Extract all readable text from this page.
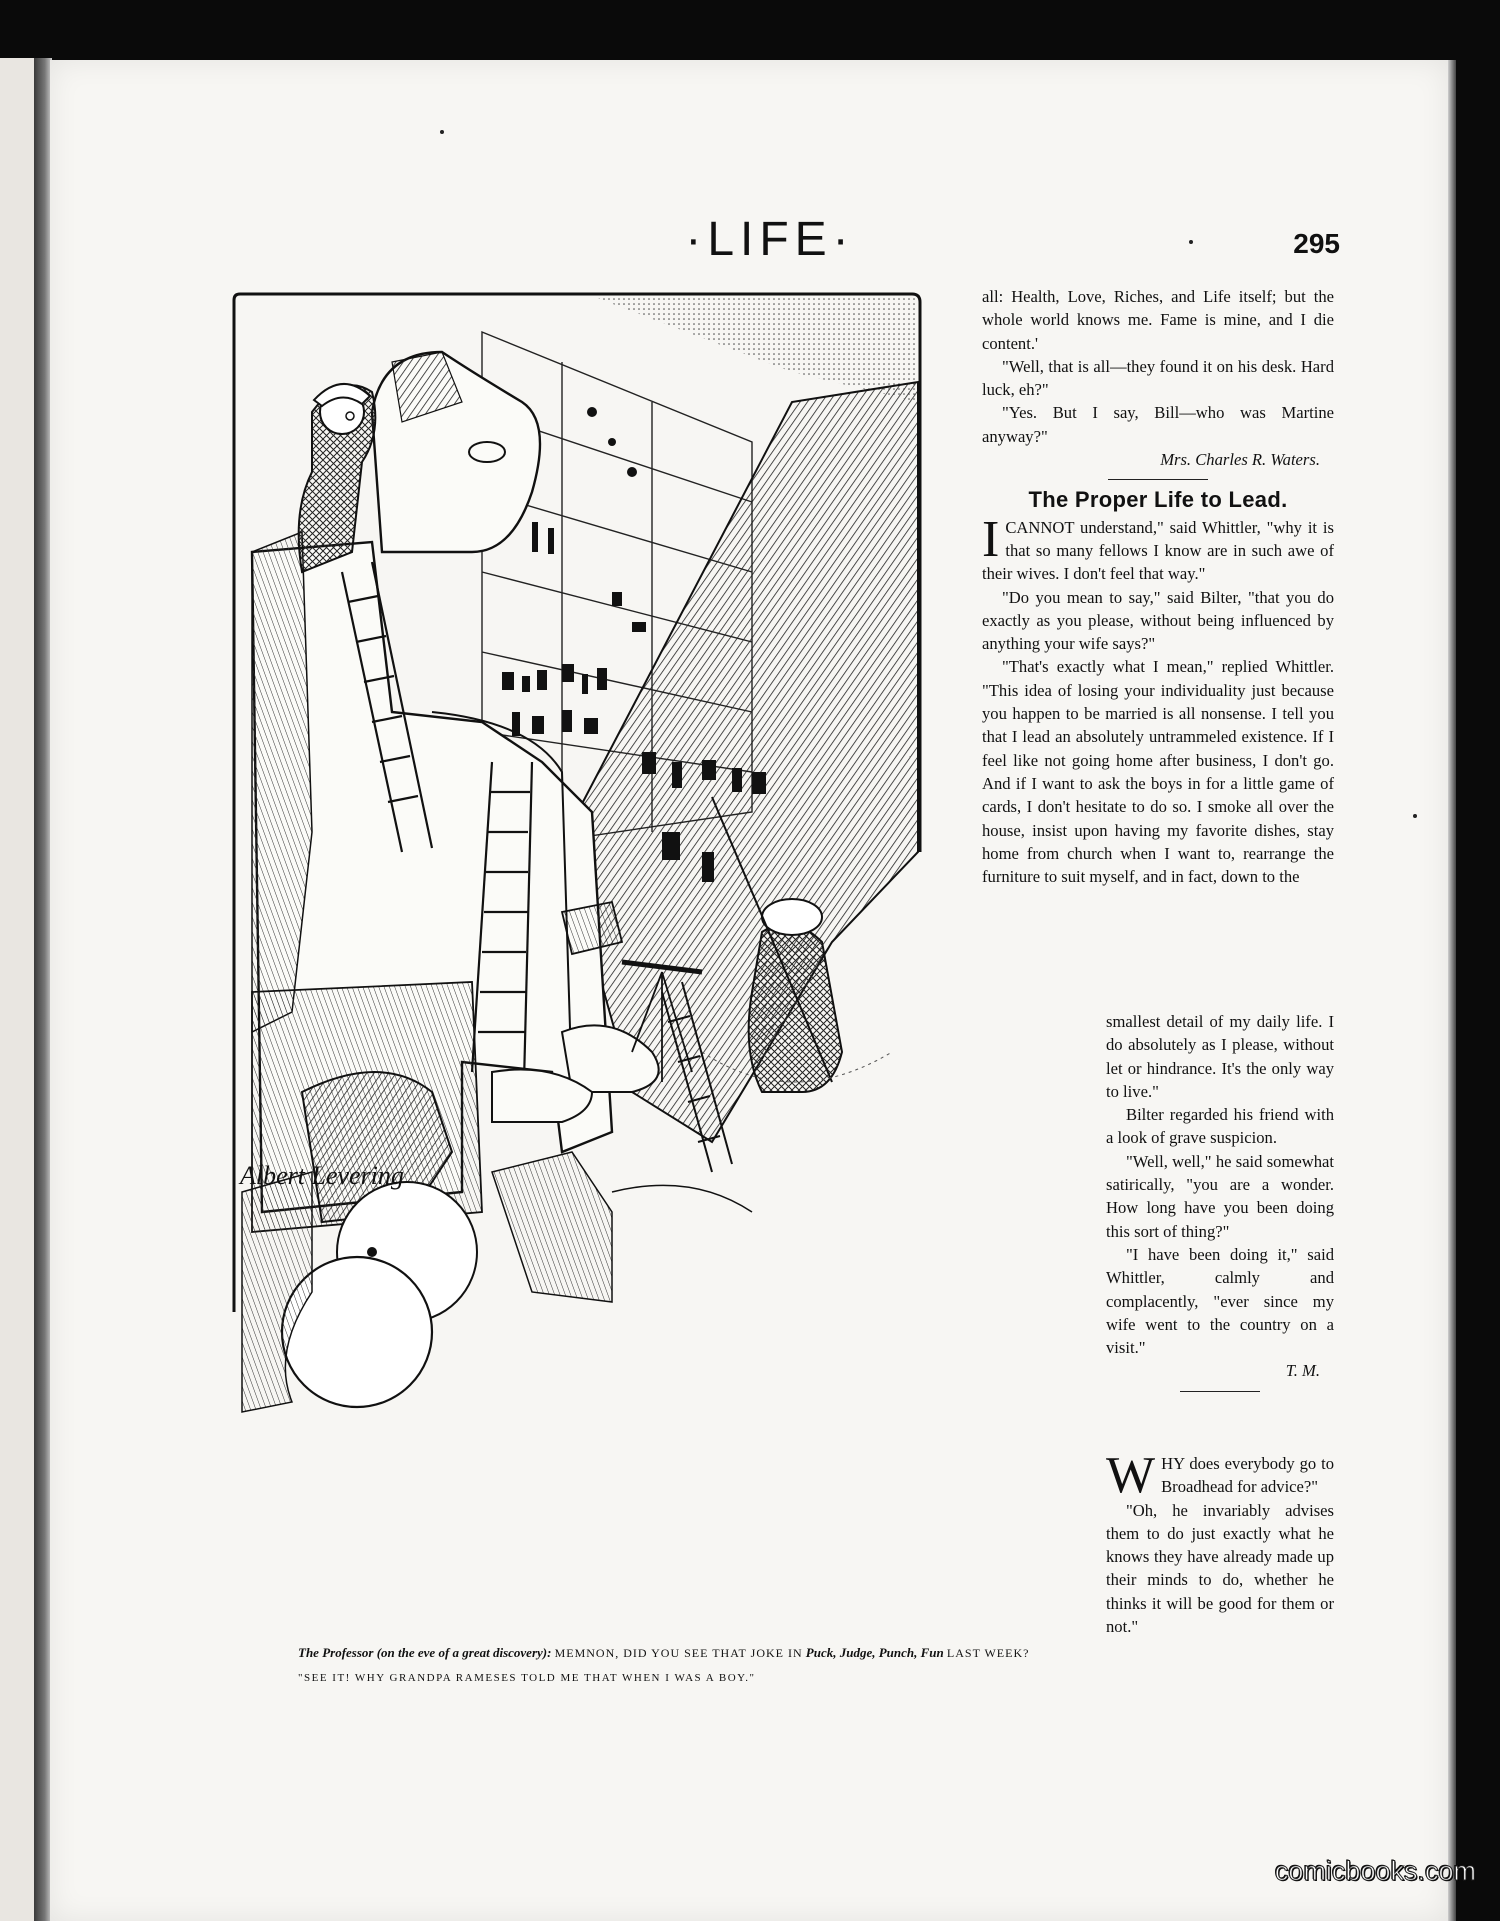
·LIFE·	295
Albert Levering
The Professor (on the eve of a great discovery): MEMNON, DID YOU SEE THAT JOKE IN Puck, Judge, Punch, Fun LAST WEEK?
"SEE IT! WHY GRANDPA RAMESES TOLD ME THAT WHEN I WAS A BOY."

all: Health, Love, Riches, and Life itself; but the whole world knows me. Fame is mine, and I die content.'

"Well, that is all—they found it on his desk. Hard luck, eh?"

"Yes. But I say, Bill—who was Martine anyway?"

Mrs. Charles R. Waters.

The Proper Life to Lead.

I CANNOT understand," said Whittler, "why it is that so many fellows I know are in such awe of their wives. I don't feel that way."

"Do you mean to say," said Bilter, "that you do exactly as you please, without being influenced by anything your wife says?"

"That's exactly what I mean," replied Whittler. "This idea of losing your individuality just because you happen to be married is all nonsense. I tell you that I lead an absolutely untrammeled existence. If I feel like not going home after business, I don't go. And if I want to ask the boys in for a little game of cards, I don't hesitate to do so. I smoke all over the house, insist upon having my favorite dishes, stay home from church when I want to, rearrange the furniture to suit myself, and in fact, down to the

smallest detail of my daily life. I do absolutely as I please, without let or hindrance. It's the only way to live."

Bilter regarded his friend with a look of grave suspicion.

"Well, well," he said somewhat satirically, "you are a wonder. How long have you been doing this sort of thing?"

"I have been doing it," said Whittler, calmly and complacently, "ever since my wife went to the country on a visit."

T. M.

W HY does everybody go to Broadhead for advice?"

"Oh, he invariably advises them to do just exactly what he knows they have already made up their minds to do, whether he thinks it will be good for them or not."

comicbooks.com
